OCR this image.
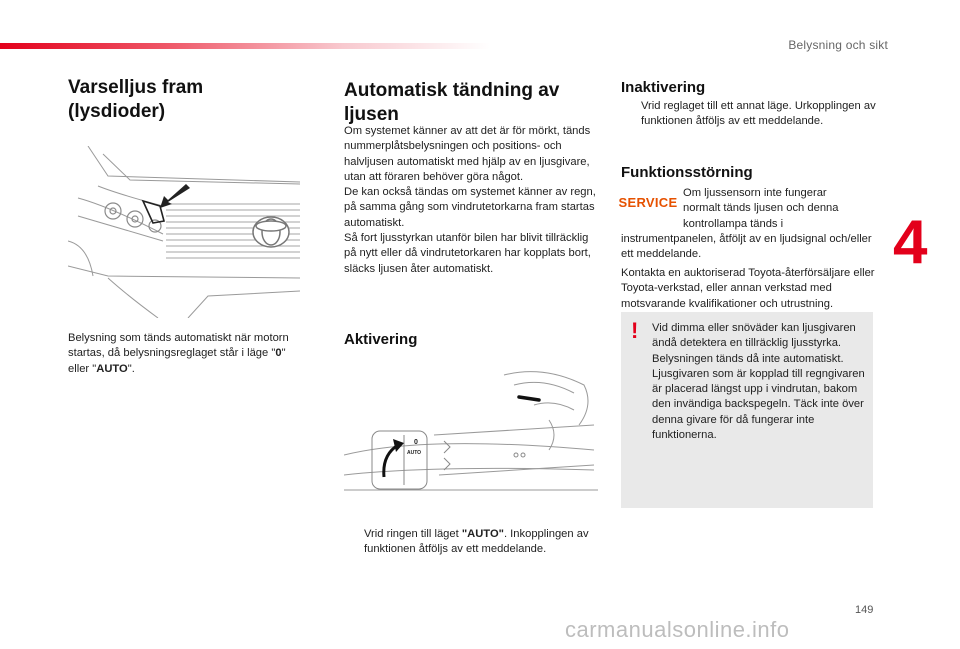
Belysning och sikt
4
Varselljus fram
(lysdioder)
Belysning som tänds automatiskt när motorn startas, då belysningsreglaget står i läge "0" eller "AUTO".
Automatisk tändning av ljusen
Om systemet känner av att det är för mörkt, tänds nummerplåtsbelysningen och positions- och halvljusen automatiskt med hjälp av en ljusgivare, utan att föraren behöver göra något.
De kan också tändas om systemet känner av regn, på samma gång som vindrutetorkarna fram startas automatiskt.
Så fort ljusstyrkan utanför bilen har blivit tillräcklig på nytt eller då vindrutetorkaren har kopplats bort, släcks ljusen åter automatiskt.
Aktivering
0
AUTO
Vrid ringen till läget "AUTO". Inkopplingen av funktionen åtföljs av ett meddelande.
Inaktivering
Vrid reglaget till ett annat läge. Urkopplingen av funktionen åtföljs av ett meddelande.
Funktionsstörning
SERVICE
Om ljussensorn inte fungerar normalt tänds ljusen och denna kontrollampa tänds i
instrumentpanelen, åtföljt av en ljudsignal och/eller ett meddelande.
Kontakta en auktoriserad Toyota-återförsäljare eller Toyota-verkstad, eller annan verkstad med motsvarande kvalifikationer och utrustning.
! Vid dimma eller snöväder kan ljusgivaren ändå detektera en tillräcklig ljusstyrka. Belysningen tänds då inte automatiskt.
Ljusgivaren som är kopplad till regngivaren är placerad längst upp i vindrutan, bakom den invändiga backspegeln. Täck inte över denna givare för då fungerar inte funktionerna.
149
carmanualsonline.info
